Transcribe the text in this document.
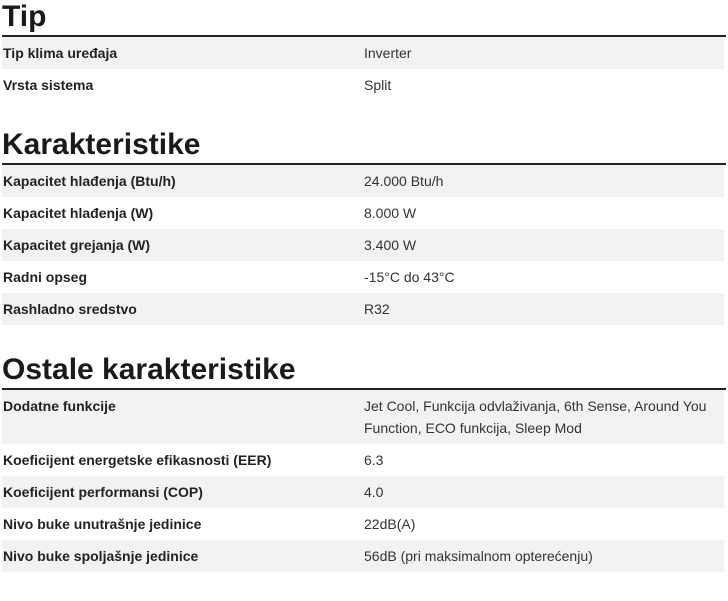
Tip
Tip klima uređaja	Inverter
Vrsta sistema	Split
Karakteristike
Kapacitet hlađenja (Btu/h)	24.000 Btu/h
Kapacitet hlađenja (W)	8.000 W
Kapacitet grejanja (W)	3.400 W
Radni opseg	-15°C do 43°C
Rashladno sredstvo	R32
Ostale karakteristike
Dodatne funkcije	Jet Cool, Funkcija odvlaživanja, 6th Sense, Around You Function, ECO funkcija, Sleep Mod
Koeficijent energetske efikasnosti (EER)	6.3
Koeficijent performansi (COP)	4.0
Nivo buke unutrašnje jedinice	22dB(A)
Nivo buke spoljašnje jedinice	56dB (pri maksimalnom opterećenju)
